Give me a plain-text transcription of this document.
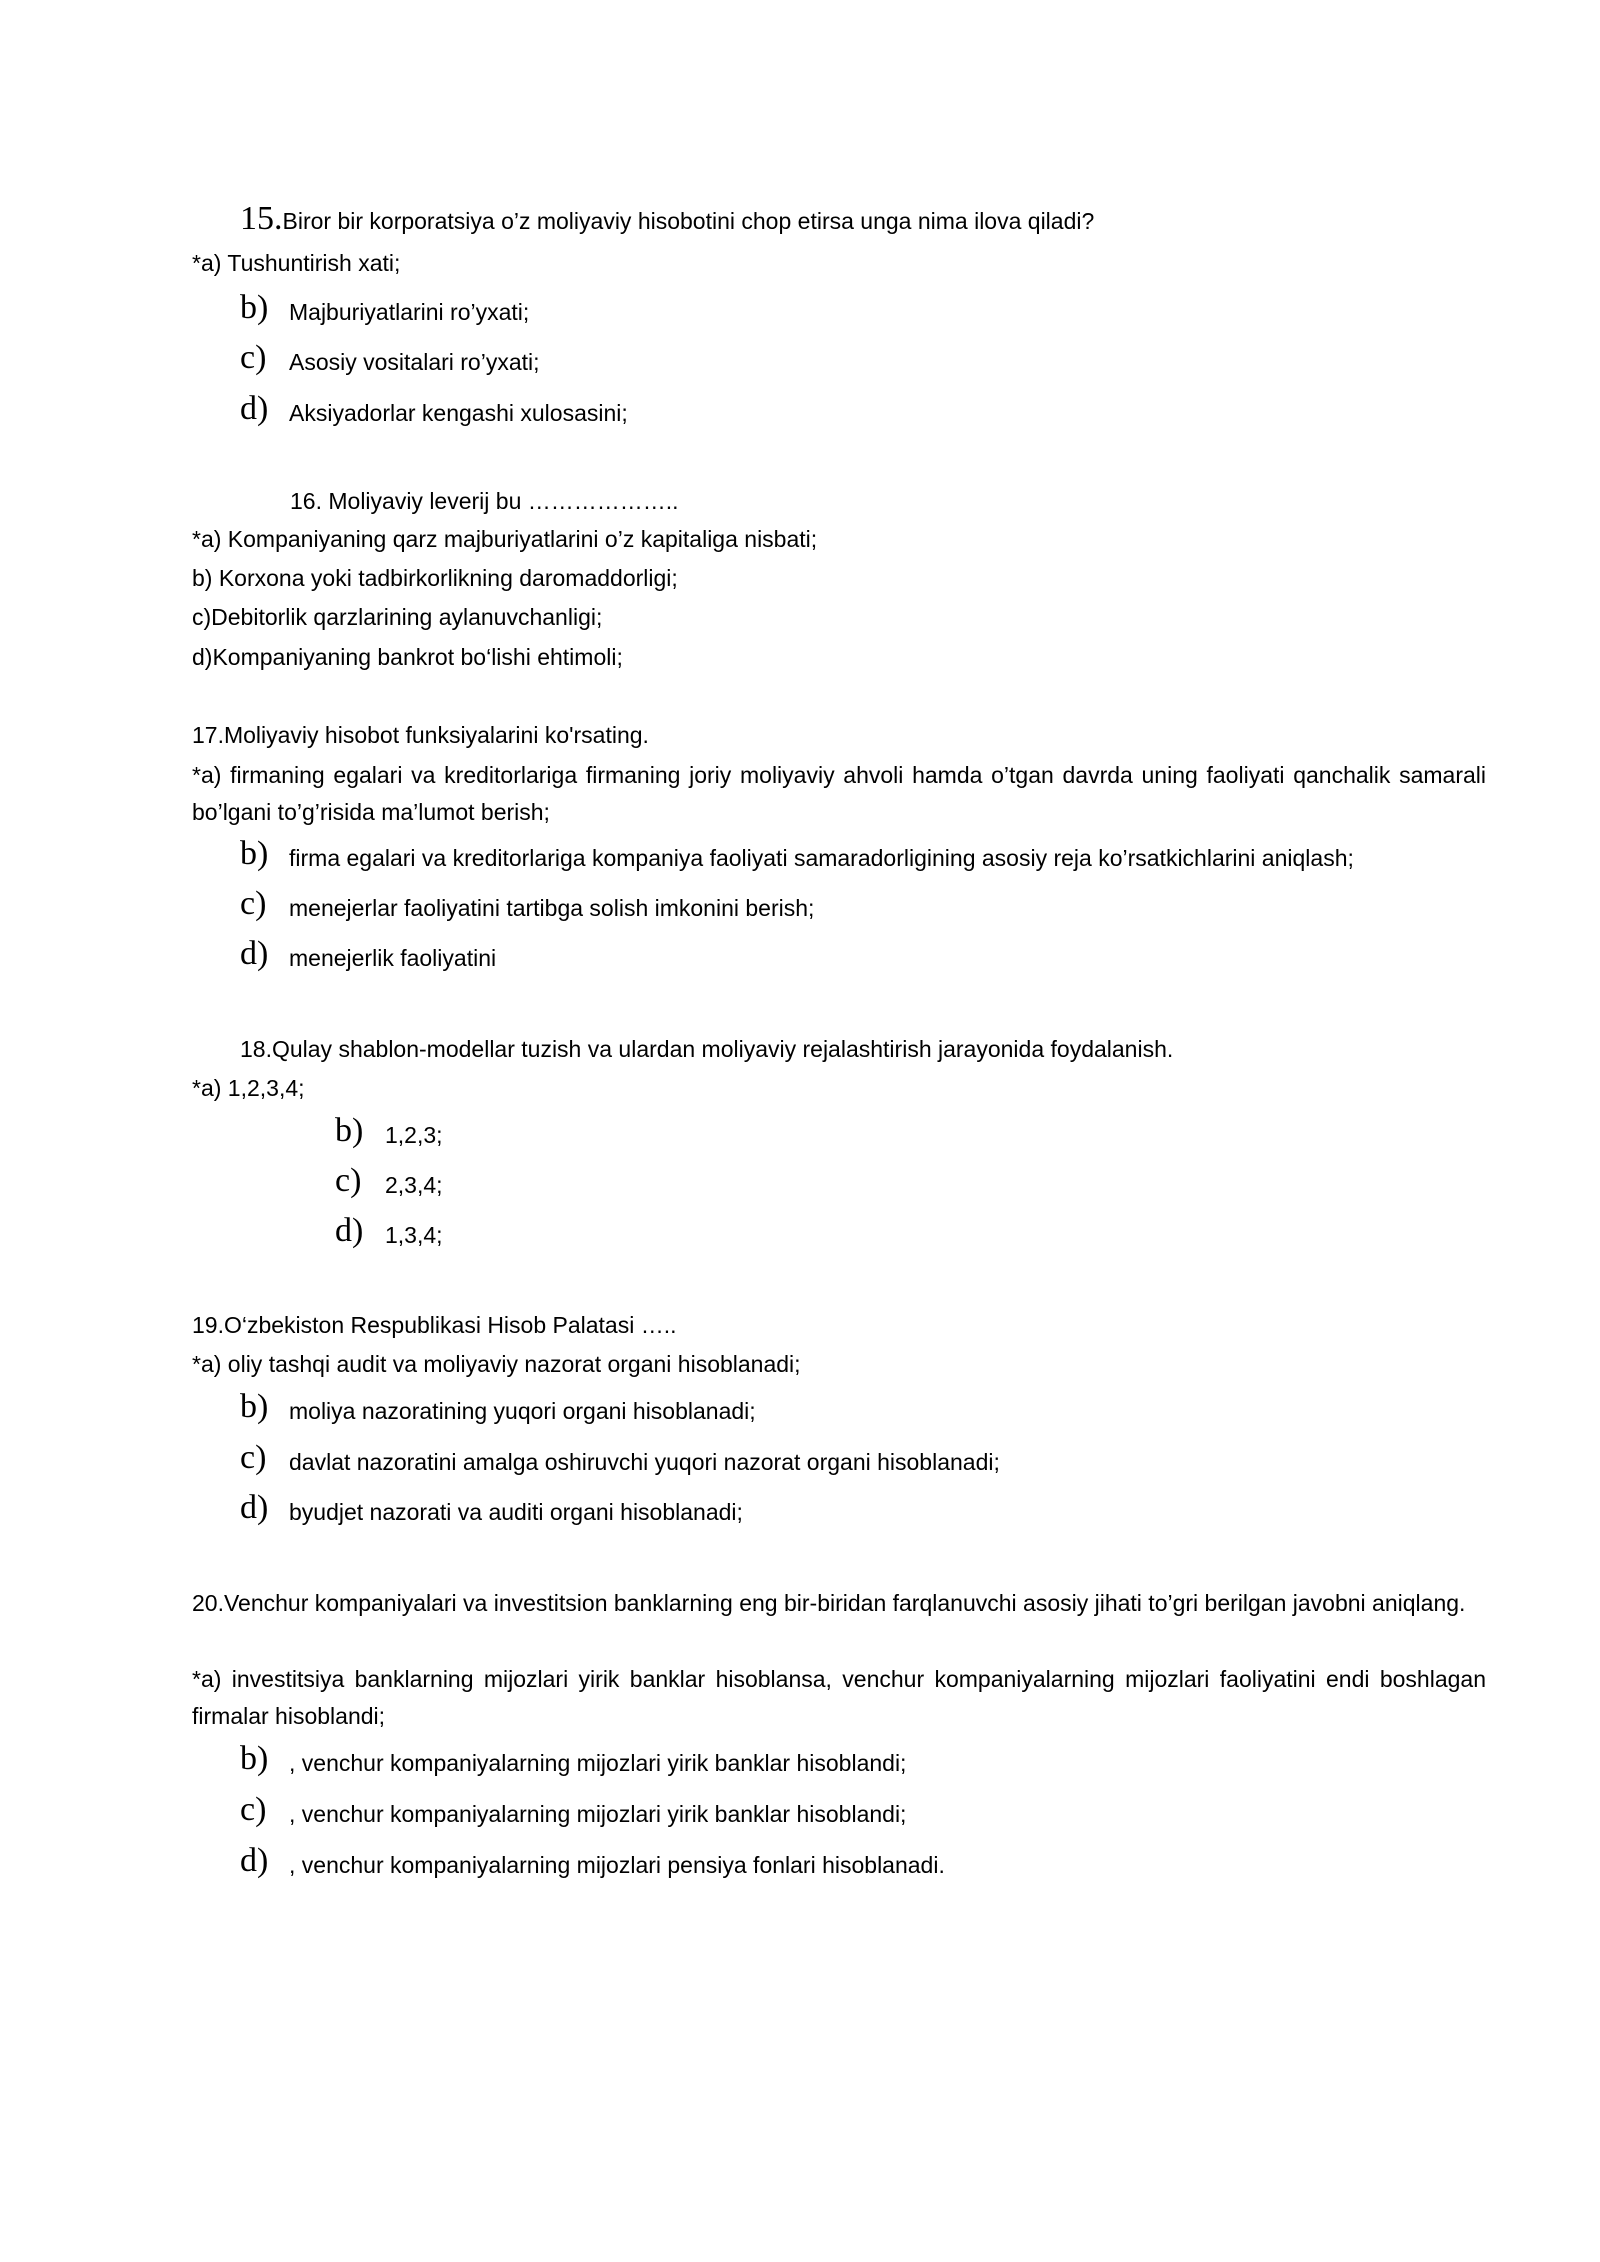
15.Biror bir korporatsiya o’z moliyaviy hisobotini chop etirsa unga nima ilova qiladi?
*a) Tushuntirish xati;
b) Majburiyatlarini ro’yxati;
c) Asosiy vositalari ro’yxati;
d) Aksiyadorlar kengashi xulosasini;
16. Moliyaviy leverij bu ………………..
*a) Kompaniyaning qarz majburiyatlarini o’z kapitaliga nisbati;
b) Korxona yoki tadbirkorlikning daromaddorligi;
c)Debitorlik qarzlarining aylanuvchanligi;
d)Kompaniyaning bankrot bo‘lishi ehtimoli;
17.Moliyaviy hisobot funksiyalarini ko'rsating.
*a) firmaning egalari va kreditorlariga firmaning joriy moliyaviy ahvoli hamda o’tgan davrda uning faoliyati qanchalik samarali bo’lgani to’g’risida ma’lumot berish;
b) firma egalari va kreditorlariga kompaniya faoliyati samaradorligining asosiy reja ko’rsatkichlarini aniqlash;
c) menejerlar faoliyatini tartibga solish imkonini berish;
d) menejerlik faoliyatini
18.Qulay shablon-modellar tuzish va ulardan moliyaviy rejalashtirish jarayonida foydalanish.
*a) 1,2,3,4;
b) 1,2,3;
c) 2,3,4;
d) 1,3,4;
19.O‘zbekiston Respublikasi Hisob Palatasi …..
*a) oliy tashqi audit va moliyaviy nazorat organi hisoblanadi;
b) moliya nazoratining yuqori organi hisoblanadi;
c) davlat nazoratini amalga oshiruvchi yuqori nazorat organi hisoblanadi;
d) byudjet nazorati va auditi organi hisoblanadi;
20.Venchur kompaniyalari va investitsion banklarning eng bir-biridan farqlanuvchi asosiy jihati to’gri berilgan javobni aniqlang.
*a) investitsiya banklarning mijozlari yirik banklar hisoblansa, venchur kompaniyalarning mijozlari faoliyatini endi boshlagan firmalar hisoblandi;
b) , venchur kompaniyalarning mijozlari yirik banklar hisoblandi;
c) , venchur kompaniyalarning mijozlari yirik banklar hisoblandi;
d) , venchur kompaniyalarning mijozlari pensiya fonlari hisoblanadi.
